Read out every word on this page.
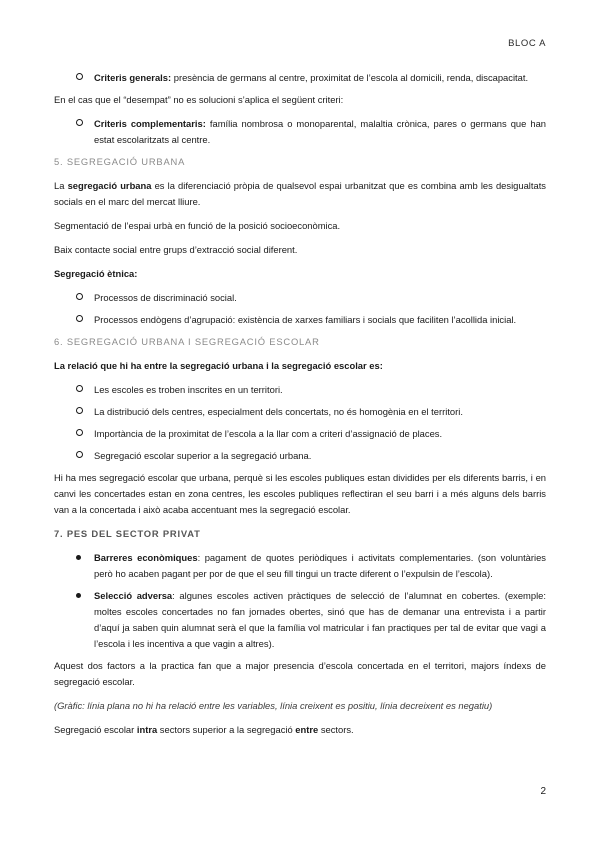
BLOC A
Criteris generals: presència de germans al centre, proximitat de l’escola al domicili, renda, discapacitat.

En el cas que el “desempat” no es solucioni s’aplica el següent criteri:

Criteris complementaris: família nombrosa o monoparental, malaltia crònica, pares o germans que han estat escolaritzats al centre.
5. SEGREGACIÓ URBANA

La segregació urbana es la diferenciació pròpia de qualsevol espai urbanitzat que es combina amb les desigualtats socials en el marc del mercat lliure.

Segmentació de l’espai urbà en funció de la posició socioeconòmica.

Baix contacte social entre grups d’extracció social diferent.

Segregació ètnica:

Processos de discriminació social.
Processos endògens d’agrupació: existència de xarxes familiars i socials que faciliten l’acollida inicial.
6. SEGREGACIÓ URBANA I SEGREGACIÓ ESCOLAR

La relació que hi ha entre la segregació urbana i la segregació escolar es:

Les escoles es troben inscrites en un territori.
La distribució dels centres, especialment dels concertats, no és homogènia en el territori.
Importància de la proximitat de l’escola a la llar com a criteri d’assignació de places.
Segregació escolar superior a la segregació urbana.

Hi ha mes segregació escolar que urbana, perquè si les escoles publiques estan dividides per els diferents barris, i en canvi les concertades estan en zona centres, les escoles publiques reflectiran el seu barri i a més alguns dels barris van a la concertada i això acaba accentuant mes la segregació escolar.

7. PES DEL SECTOR PRIVAT
Barreres econòmiques: pagament de quotes periòdiques i activitats complementaries. (son voluntàries però ho acaben pagant per por de que el seu fill tingui un tracte diferent o l’expulsin de l’escola).
Selecció adversa: algunes escoles activen pràctiques de selecció de l’alumnat en cobertes. (exemple: moltes escoles concertades no fan jornades obertes, sinó que has de demanar una entrevista i a partir d’aquí ja saben quin alumnat serà el que la família vol matricular i fan practiques per tal de evitar que vagi a l’escola i les incentiva a que vagin a altres).

Aquest dos factors a la practica fan que a major presencia d’escola concertada en el territori, majors índexs de segregació escolar.

(Gràfic: línia plana no hi ha relació entre les variables, línia creixent es positiu, línia decreixent es negatiu)

Segregació escolar intra sectors superior a la segregació entre sectors.

2
